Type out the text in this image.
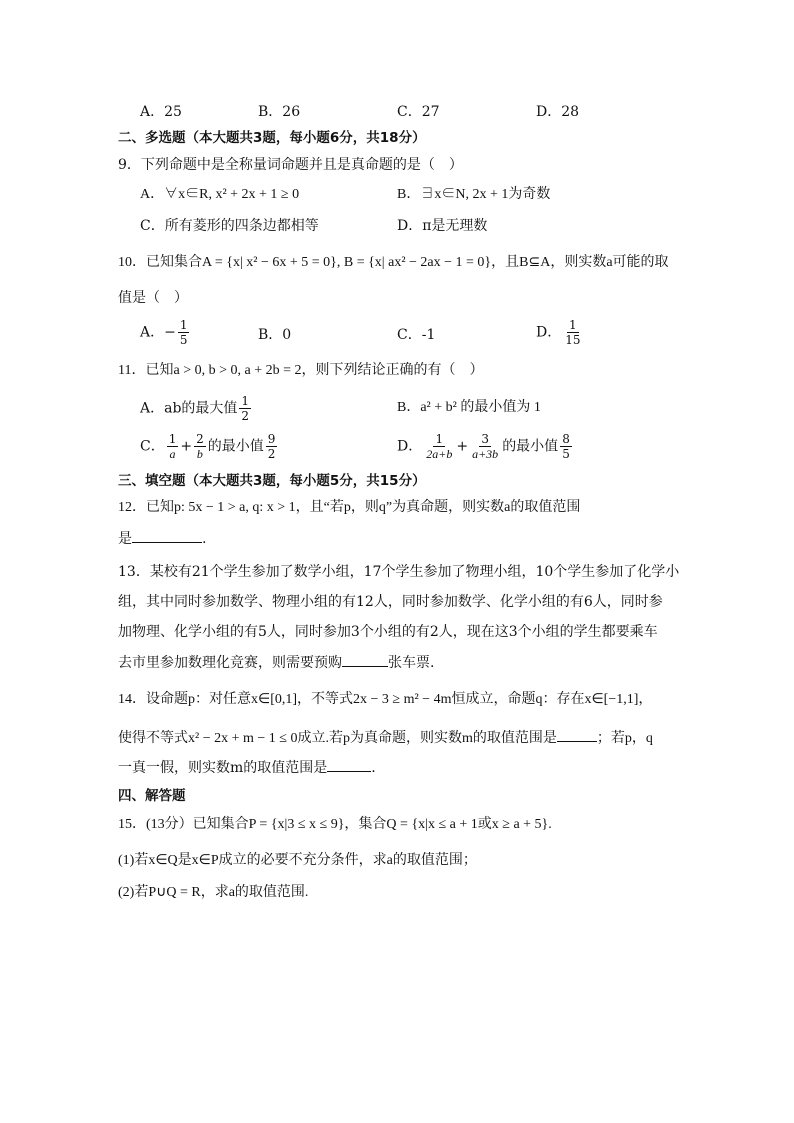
A．25	B．26	C．27	D．28
二、多选题（本大题共3题，每小题6分，共18分）
9．下列命题中是全称量词命题并且是真命题的是（　）
A．∀x∈R, x² + 2x + 1 ≥ 0	B．∃x∈N, 2x + 1为奇数
C．所有菱形的四条边都相等	D．π是无理数
10．已知集合A = {x| x² − 6x + 5 = 0}, B = {x| ax² − 2ax − 1 = 0}，且B⊆A，则实数a可能的取
值是（　）
A．− $\frac{1}{5}$	B．0	C．-1	D． $\frac{1}{15}$
11．已知a > 0, b > 0, a + 2b = 2，则下列结论正确的有（　）
A．ab的最大值 $\frac{1}{2}$	B．a² + b² 的最小值为 1
C． $\frac{1}{a} + \frac{2}{b}$ 的最小值 $\frac{9}{2}$	D． $\frac{1}{2a+b} + \frac{3}{a+3b}$ 的最小值 $\frac{8}{5}$
三、填空题（本大题共3题，每小题5分，共15分）
12．已知p: 5x − 1 > a, q: x > 1，且“若p，则q”为真命题，则实数a的取值范围
是	.
13．某校有21个学生参加了数学小组，17个学生参加了物理小组，10个学生参加了化学小
组，其中同时参加数学、物理小组的有12人，同时参加数学、化学小组的有6人，同时参
加物理、化学小组的有5人，同时参加3个小组的有2人，现在这3个小组的学生都要乘车
去市里参加数理化竞赛，则需要预购	张车票.
14．设命题p：对任意x∈[0,1]，不等式2x − 3 ≥ m² − 4m恒成立，命题q：存在x∈[−1,1]，
使得不等式x² − 2x + m − 1 ≤ 0成立.若p为真命题，则实数m的取值范围是	；若p，q
一真一假，则实数m的取值范围是	.
四、解答题
15．(13分）已知集合P = {x|3 ≤ x ≤ 9}，集合Q = {x|x ≤ a + 1或x ≥ a + 5}.
(1)若x∈Q是x∈P成立的必要不充分条件，求a的取值范围；
(2)若P∪Q = R，求a的取值范围.
